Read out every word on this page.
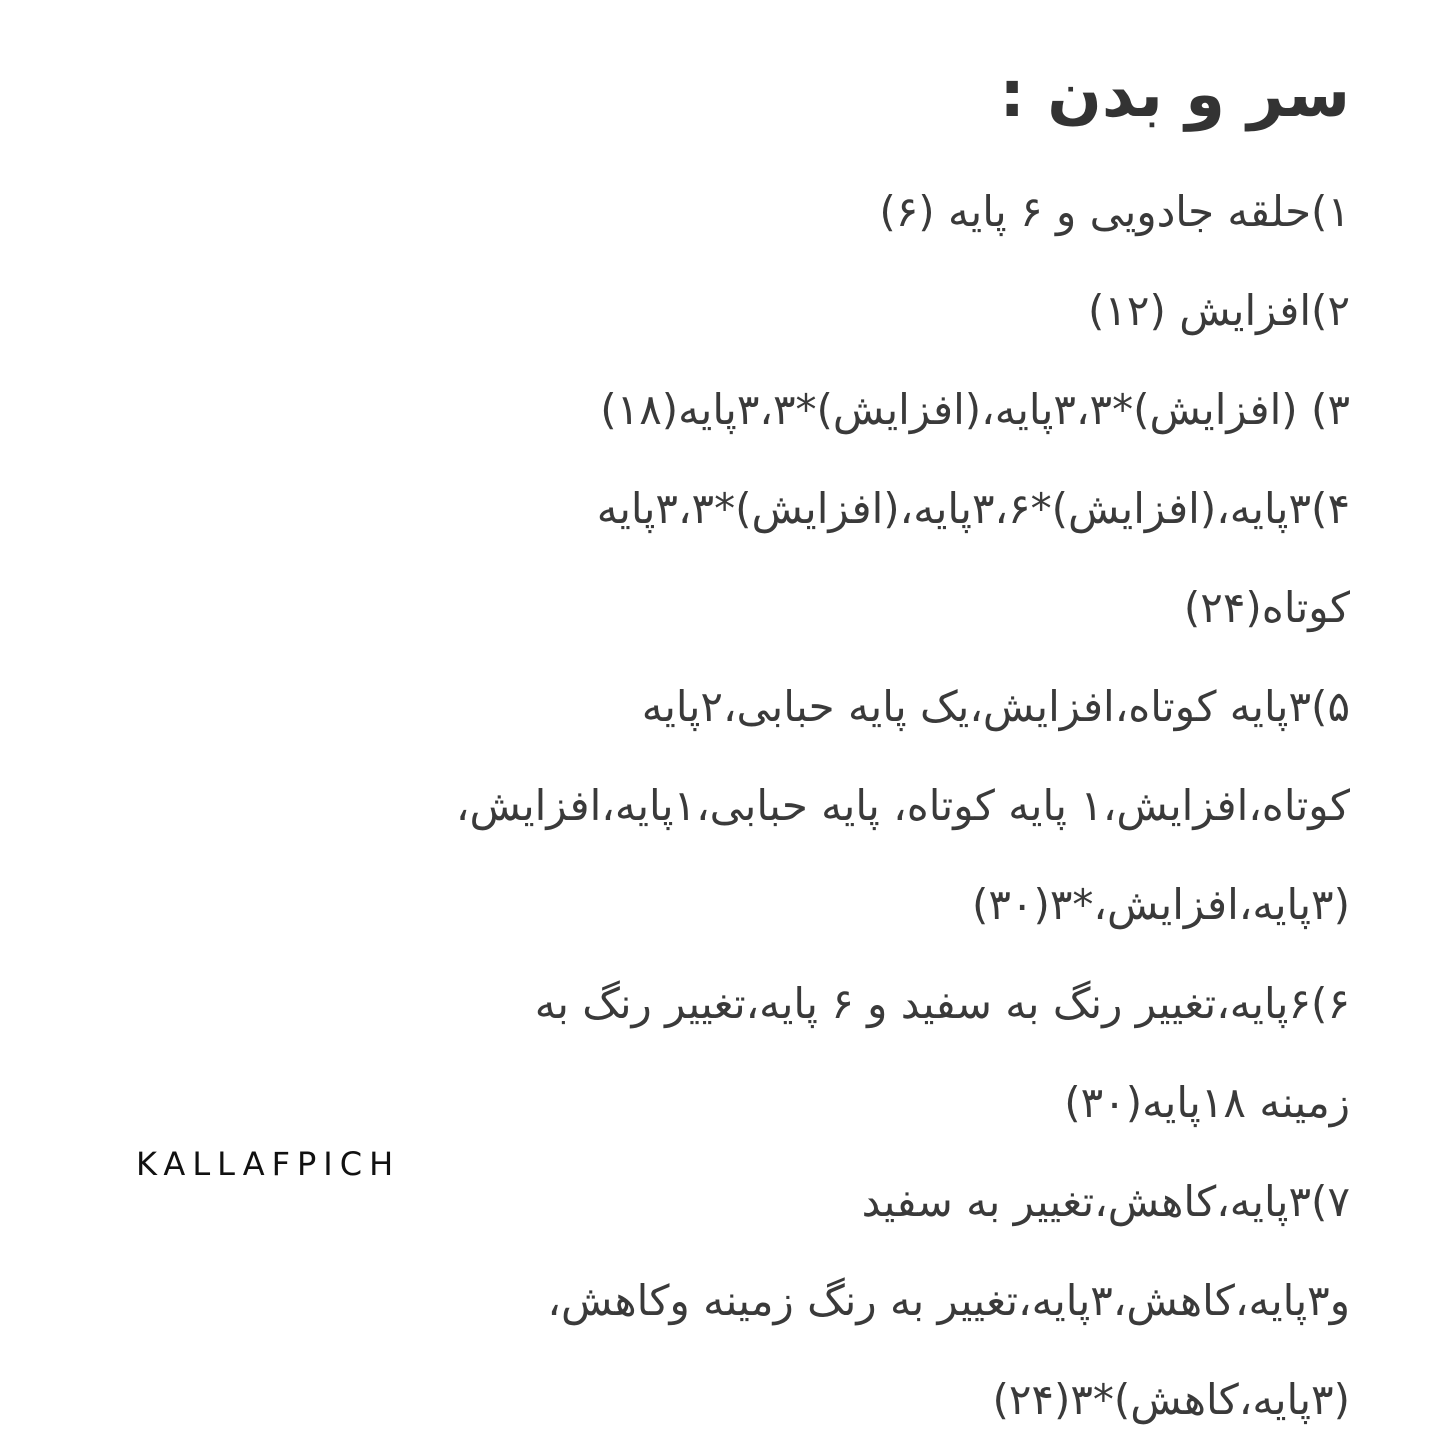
سر و بدن :
۱)حلقه جادویی و ۶ پایه (۶)
۲)افزایش (۱۲)
۳) (افزایش)*۳،۳پایه،(افزایش)*۳،۳پایه(۱۸)
۴)۳پایه،(افزایش)*۳،۶پایه،(افزایش)*۳،۳پایه
کوتاه(۲۴)
۵)۳پایه کوتاه،افزایش،یک پایه حبابی،۲پایه
کوتاه،افزایش،۱ پایه کوتاه، پایه حبابی،۱پایه،افزایش،
(۳پایه،افزایش،*۳(۳۰)
۶)۶پایه،تغییر رنگ به سفید و ۶ پایه،تغییر رنگ به
زمینه ۱۸پایه(۳۰)
۷)۳پایه،کاهش،تغییر به سفید
و۳پایه،کاهش،۳پایه،تغییر به رنگ زمینه وکاهش،
(۳پایه،کاهش)*۳(۲۴)
KALLAFPICH
